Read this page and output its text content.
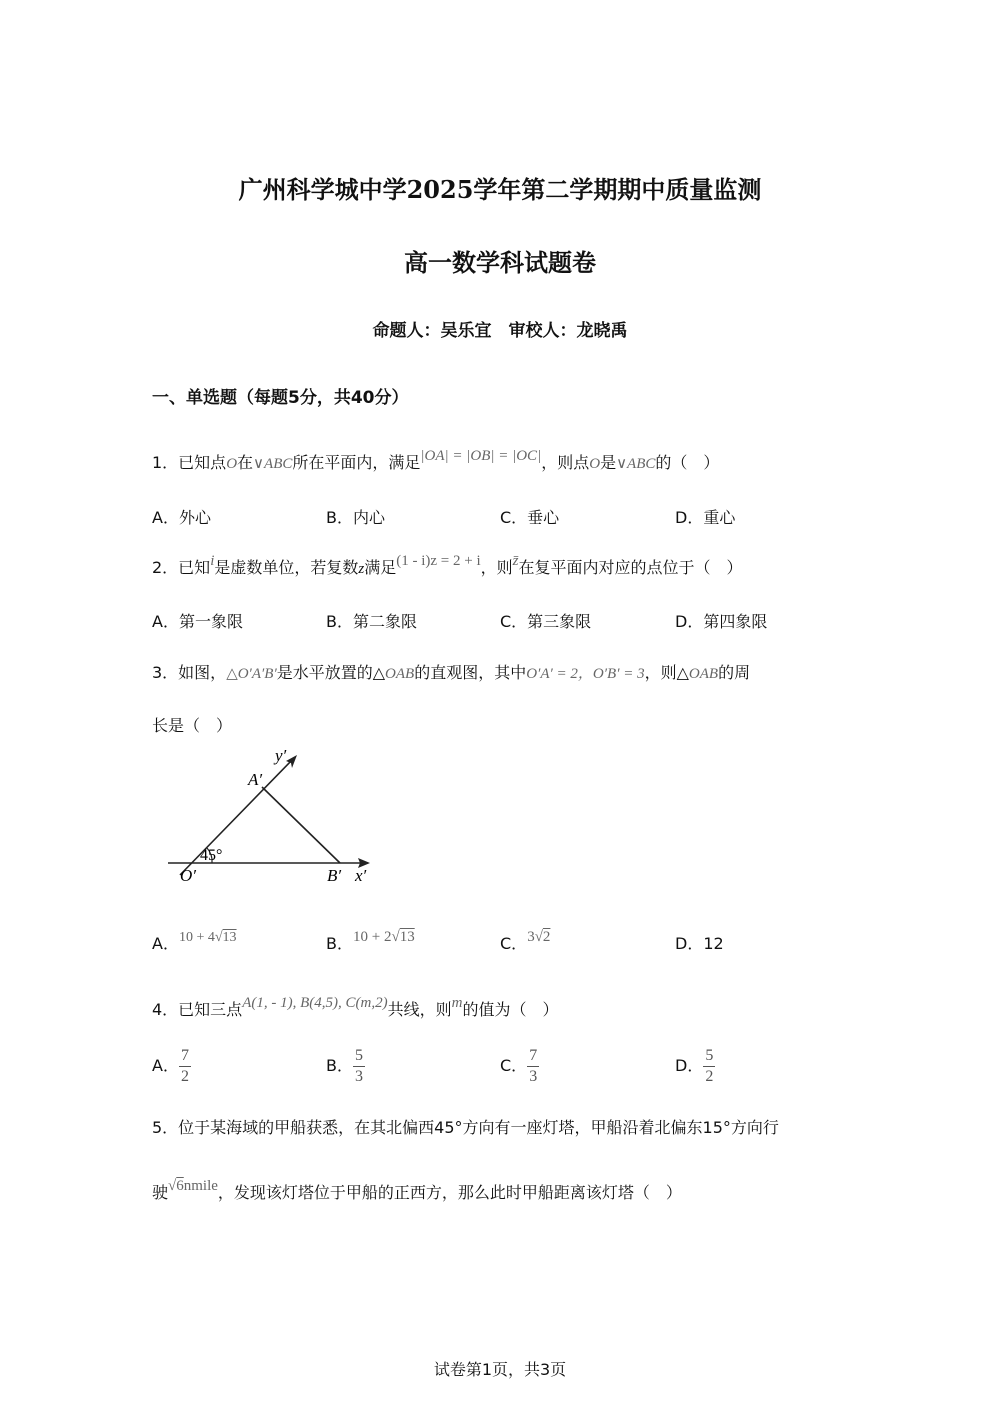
广州科学城中学2025学年第二学期期中质量监测
高一数学科试题卷
命题人：吴乐宜　审校人：龙晓禹
一、单选题（每题5分，共40分）
1．已知点O在∨ABC所在平面内，满足|OA| = |OB| = |OC|，则点O是∨ABC的（　）
A．外心	B．内心	C．垂心	D．重心
2．已知i是虚数单位，若复数z满足(1 - i)z = 2 + i，则z̄在复平面内对应的点位于（　）
A．第一象限	B．第二象限	C．第三象限	D．第四象限
3．如图，△O′A′B′是水平放置的△OAB的直观图，其中O′A′ = 2，O′B′ = 3，则△OAB的周
长是（　）
y′
A′
45°
O′	B′ x′
A．10 + 4√13	B．10 + 2√13	C．3√2	D．12
4．已知三点A(1, - 1), B(4,5), C(m,2)共线，则m的值为（　）
A． $\frac{7}{2}$	B． $\frac{5}{3}$	C． $\frac{7}{3}$	D． $\frac{5}{2}$
5．位于某海域的甲船获悉，在其北偏西45°方向有一座灯塔，甲船沿着北偏东15°方向行
驶√6nmile，发现该灯塔位于甲船的正西方，那么此时甲船距离该灯塔（　）
试卷第1页，共3页
